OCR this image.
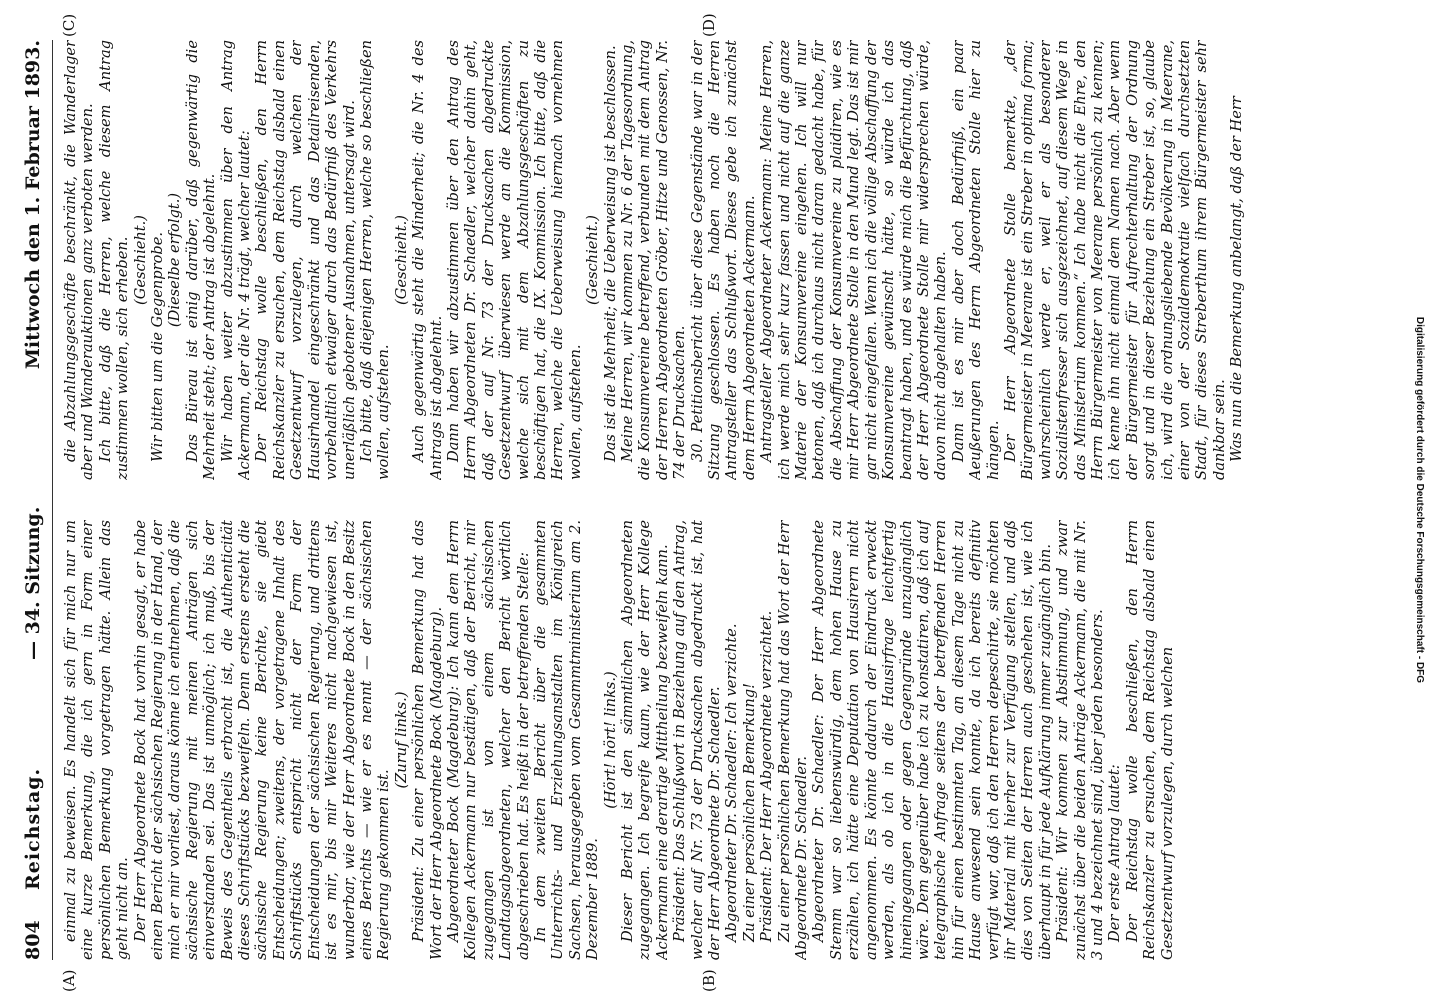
804
Reichstag.
— 34. Sitzung.
Mittwoch den 1. Februar 1893.
(A)	(B)
(C)	(D)

einmal zu beweisen. Es handelt sich für mich nur um eine kurze Bemerkung, die ich gern in Form einer persönlichen Bemerkung vorgetragen hätte. Allein das geht nicht an. Der Herr Abgeordnete Bock hat vorhin gesagt, er habe einen Bericht der sächsischen Regierung in der Hand, der mich er mir vorliest, daraus könne ich entnehmen, daß die sächsische Regierung mit meinen Anträgen sich einverstanden sei. Das ist unmöglich; ich muß, bis der Beweis des Gegentheils erbracht ist, die Authenticität dieses Schriftstücks bezweifeln. Denn erstens ersteht die sächsische Regierung keine Berichte, sie giebt Entscheidungen; zweitens, der vorgetragene Inhalt des Schriftstücks entspricht nicht der Form der Entscheidungen der sächsischen Regierung, und drittens ist es mir, bis mir Weiteres nicht nachgewiesen ist, wunderbar, wie der Herr Abgeordnete Bock in den Besitz eines Berichts — wie er es nennt — der sächsischen Regierung gekommen ist.

(Zuruf links.) Präsident: Zu einer persönlichen Bemerkung hat das Wort der Herr Abgeordnete Bock (Magdeburg). Abgeordneter Bock (Magdeburg): Ich kann dem Herrn Kollegen Ackermann nur bestätigen, daß der Bericht, mir zugegangen ist von einem sächsischen Landtagsabgeordneten, welcher den Bericht wörtlich abgeschrieben hat. Es heißt in der betreffenden Stelle: In dem zweiten Bericht über die gesammten Unterrichts- und Erziehungsanstalten im Königreich Sachsen, herausgegeben vom Gesammtministerium am 2. Dezember 1889.

(Hört! hört! links.) Dieser Bericht ist den sämmtlichen Abgeordneten zugegangen. Ich begreife kaum, wie der Herr Kollege Ackermann eine derartige Mittheilung bezweifeln kann. Präsident: Das Schlußwort in Beziehung auf den Antrag, welcher auf Nr. 73 der Drucksachen abgedruckt ist, hat der Herr Abgeordnete Dr. Schaedler. Abgeordneter Dr. Schaedler: Ich verzichte. Zu einer persönlichen Bemerkung! Präsident: Der Herr Abgeordnete verzichtet. Zu einer persönlichen Bemerkung hat das Wort der Herr Abgeordnete Dr. Schaedler. Abgeordneter Dr. Schaedler: Der Herr Abgeordnete Stemm war so liebenswürdig, dem hohen Hause zu erzählen, ich hätte eine Deputation von Hausirern nicht angenommen. Es könnte dadurch der Eindruck erweckt werden, als ob ich in die Hausirfrage leichtfertig hineingegangen oder gegen Gegengründe unzugänglich wäre. Dem gegenüber habe ich zu konstatiren, daß ich auf telegraphische Anfrage seitens der betreffenden Herren hin für einen bestimmten Tag, an diesem Tage nicht zu Hause anwesend sein konnte, da ich bereits definitiv verfügt war, daß ich den Herren depeschirte, sie möchten ihr Material mit hierher zur Verfügung stellen, und daß dies von Seiten der Herren auch geschehen ist, wie ich überhaupt in für jede Aufklärung immer zugänglich bin. Präsident: Wir kommen zur Abstimmung, und zwar zunächst über die beiden Anträge Ackermann, die mit Nr. 3 und 4 bezeichnet sind, über jeden besonders. Der erste Antrag lautet: Der Reichstag wolle beschließen, den Herrn Reichskanzler zu ersuchen, dem Reichstag alsbald einen Gesetzentwurf vorzulegen, durch welchen

die Abzahlungsgeschäfte beschränkt, die Wanderlager aber und Wanderauktionen ganz verboten werden. Ich bitte, daß die Herren, welche diesem Antrag zustimmen wollen, sich erheben. (Geschieht.) Wir bitten um die Gegenprobe. (Dieselbe erfolgt.) Das Büreau ist einig darüber, daß gegenwärtig die Mehrheit steht; der Antrag ist abgelehnt. Wir haben weiter abzustimmen über den Antrag Ackermann, der die Nr. 4 trägt, welcher lautet: Der Reichstag wolle beschließen, den Herrn Reichskanzler zu ersuchen, dem Reichstag alsbald einen Gesetzentwurf vorzulegen, durch welchen der Hausirhandel eingeschränkt und das Detailreisenden, vorbehaltlich etwaiger durch das Bedürfniß des Verkehrs unerläßlich gebotener Ausnahmen, untersagt wird. Ich bitte, daß diejenigen Herren, welche so beschließen wollen, aufstehen.

(Geschieht.) Auch gegenwärtig steht die Minderheit; die Nr. 4 des Antrags ist abgelehnt. Dann haben wir abzustimmen über den Antrag des Herrn Abgeordneten Dr. Schaedler, welcher dahin geht, daß der auf Nr. 73 der Drucksachen abgedruckte Gesetzentwurf überwiesen werde an die Kommission, welche sich mit dem Abzahlungsgeschäften zu beschäftigen hat, die IX. Kommission. Ich bitte, daß die Herren, welche die Ueberweisung hiernach vornehmen wollen, aufstehen.

(Geschieht.) Das ist die Mehrheit; die Ueberweisung ist beschlossen. Meine Herren, wir kommen zu Nr. 6 der Tagesordnung, die Konsumvereine betreffend, verbunden mit dem Antrag der Herren Abgeordneten Gröber, Hitze und Genossen, Nr. 74 der Drucksachen. 30. Petitionsbericht über diese Gegenstände war in der Sitzung geschlossen. Es haben noch die Herren Antragsteller das Schlußwort. Dieses gebe ich zunächst dem Herrn Abgeordneten Ackermann. Antragsteller Abgeordneter Ackermann: Meine Herren, ich werde mich sehr kurz fassen und nicht auf die ganze Materie der Konsumvereine eingehen. Ich will nur betonen, daß ich durchaus nicht daran gedacht habe, für die Abschaffung der Konsumvereine zu plaidiren, wie es mir Herr Abgeordnete Stolle in den Mund legt. Das ist mir gar nicht eingefallen. Wenn ich die völlige Abschaffung der Konsumvereine gewünscht hätte, so würde ich das beantragt haben, und es würde mich die Befürchtung, daß der Herr Abgeordnete Stolle mir widersprechen würde, davon nicht abgehalten haben. Dann ist es mir aber doch Bedürfniß, ein paar Aeußerungen des Herrn Abgeordneten Stolle hier zu hängen. Der Herr Abgeordnete Stolle bemerkte, „der Bürgermeister in Meerane ist ein Streber in optima forma; wahrscheinlich werde er, weil er als besonderer Sozialistenfresser sich ausgezeichnet, auf diesem Wege in das Ministerium kommen.“ Ich habe nicht die Ehre, den Herrn Bürgermeister von Meerane persönlich zu kennen; ich kenne ihn nicht einmal dem Namen nach. Aber wenn der Bürgermeister für Aufrechterhaltung der Ordnung sorgt und in dieser Beziehung ein Streber ist, so, glaube ich, wird die ordnungsliebende Bevölkerung in Meerane, einer von der Sozialdemokratie vielfach durchsetzten Stadt, für dieses Streberthum ihrem Bürgermeister sehr dankbar sein. Was nun die Bemerkung anbelangt, daß der Herr

Digitalisierung gefördert durch die Deutsche Forschungsgemeinschaft - DFG
